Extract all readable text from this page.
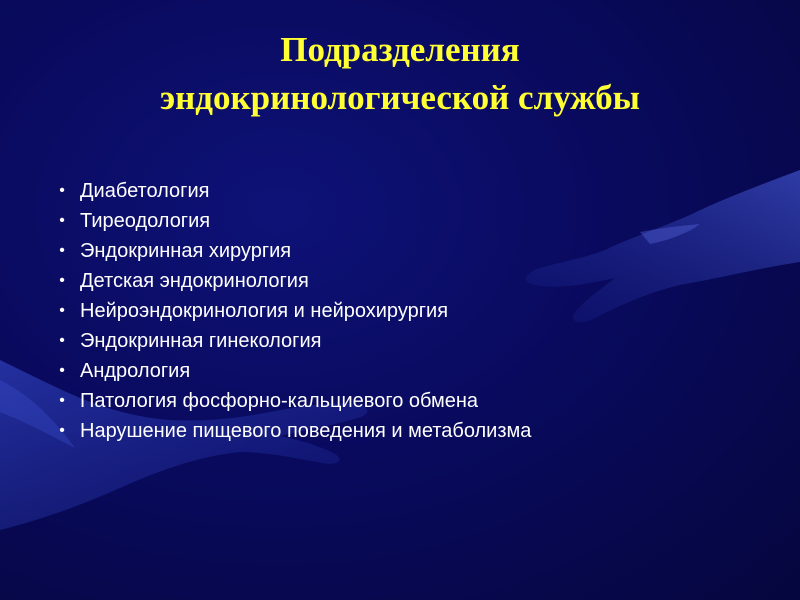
Подразделения
эндокринологической службы
• Диабетология
• Тиреодология
• Эндокринная хирургия
• Детская эндокринология
• Нейроэндокринология и нейрохирургия
• Эндокринная гинекология
• Андрология
• Патология фосфорно-кальциевого обмена
• Нарушение пищевого поведения и метаболизма
